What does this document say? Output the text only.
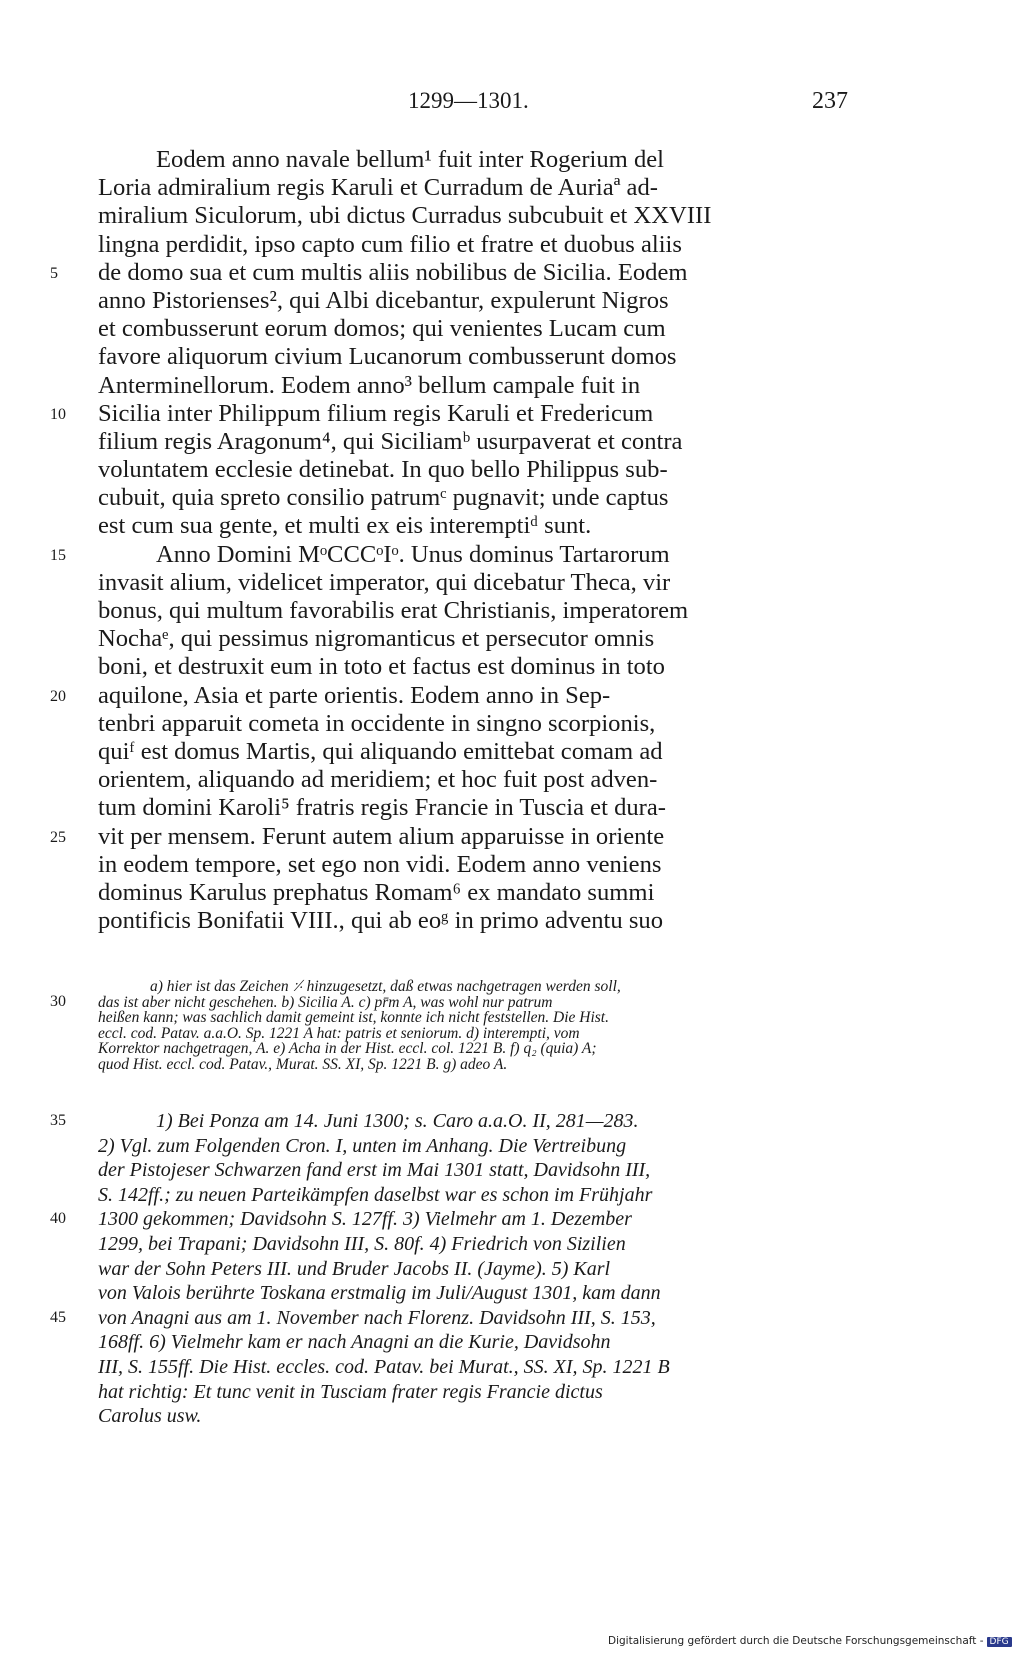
1299—1301.	237
Eodem anno navale bellum¹ fuit inter Rogerium del
Loria admiralium regis Karuli et Curradum de Auriaª ad-
miralium Siculorum, ubi dictus Curradus subcubuit et XXVIII
lingna perdidit, ipso capto cum filio et fratre et duobus aliis
de domo sua et cum multis aliis nobilibus de Sicilia. Eodem
anno Pistorienses², qui Albi dicebantur, expulerunt Nigros
et combusserunt eorum domos; qui venientes Lucam cum
favore aliquorum civium Lucanorum combusserunt domos
Anterminellorum. Eodem anno³ bellum campale fuit in
Sicilia inter Philippum filium regis Karuli et Fredericum
filium regis Aragonum⁴, qui Siciliamᵇ usurpaverat et contra
voluntatem ecclesie detinebat. In quo bello Philippus sub-
cubuit, quia spreto consilio patrumᶜ pugnavit; unde captus
est cum sua gente, et multi ex eis interemptiᵈ sunt.
Anno Domini MᵒCCCᵒIᵒ. Unus dominus Tartarorum
invasit alium, videlicet imperator, qui dicebatur Theca, vir
bonus, qui multum favorabilis erat Christianis, imperatorem
Nochaᵉ, qui pessimus nigromanticus et persecutor omnis
boni, et destruxit eum in toto et factus est dominus in toto
aquilone, Asia et parte orientis. Eodem anno in Sep-
tenbri apparuit cometa in occidente in singno scorpionis,
quiᶠ est domus Martis, qui aliquando emittebat comam ad
orientem, aliquando ad meridiem; et hoc fuit post adven-
tum domini Karoli⁵ fratris regis Francie in Tuscia et dura-
vit per mensem. Ferunt autem alium apparuisse in oriente
in eodem tempore, set ego non vidi. Eodem anno veniens
dominus Karulus prephatus Romam⁶ ex mandato summi
pontificis Bonifatii VIII., qui ab eoᵍ in primo adventu suo
5
10
15
20
25
a) hier ist das Zeichen ⸓ hinzugesetzt, daß etwas nachgetragen werden soll,
das ist aber nicht geschehen. b) Sicilia A. c) pr̄m A, was wohl nur patrum
heißen kann; was sachlich damit gemeint ist, konnte ich nicht feststellen. Die Hist.
eccl. cod. Patav. a.a.O. Sp. 1221 A hat: patris et seniorum. d) interempti, vom
Korrektor nachgetragen, A. e) Acha in der Hist. eccl. col. 1221 B. f) q₂ (quia) A;
quod Hist. eccl. cod. Patav., Murat. SS. XI, Sp. 1221 B. g) adeo A.
30
1) Bei Ponza am 14. Juni 1300; s. Caro a.a.O. II, 281—283.
2) Vgl. zum Folgenden Cron. I, unten im Anhang. Die Vertreibung
der Pistojeser Schwarzen fand erst im Mai 1301 statt, Davidsohn III,
S. 142ff.; zu neuen Parteikämpfen daselbst war es schon im Frühjahr
1300 gekommen; Davidsohn S. 127ff. 3) Vielmehr am 1. Dezember
1299, bei Trapani; Davidsohn III, S. 80f. 4) Friedrich von Sizilien
war der Sohn Peters III. und Bruder Jacobs II. (Jayme). 5) Karl
von Valois berührte Toskana erstmalig im Juli/August 1301, kam dann
von Anagni aus am 1. November nach Florenz. Davidsohn III, S. 153,
168ff. 6) Vielmehr kam er nach Anagni an die Kurie, Davidsohn
III, S. 155ff. Die Hist. eccles. cod. Patav. bei Murat., SS. XI, Sp. 1221 B
hat richtig: Et tunc venit in Tusciam frater regis Francie dictus
Carolus usw.
35
40
45
Digitalisierung gefördert durch die Deutsche Forschungsgemeinschaft - DFG
